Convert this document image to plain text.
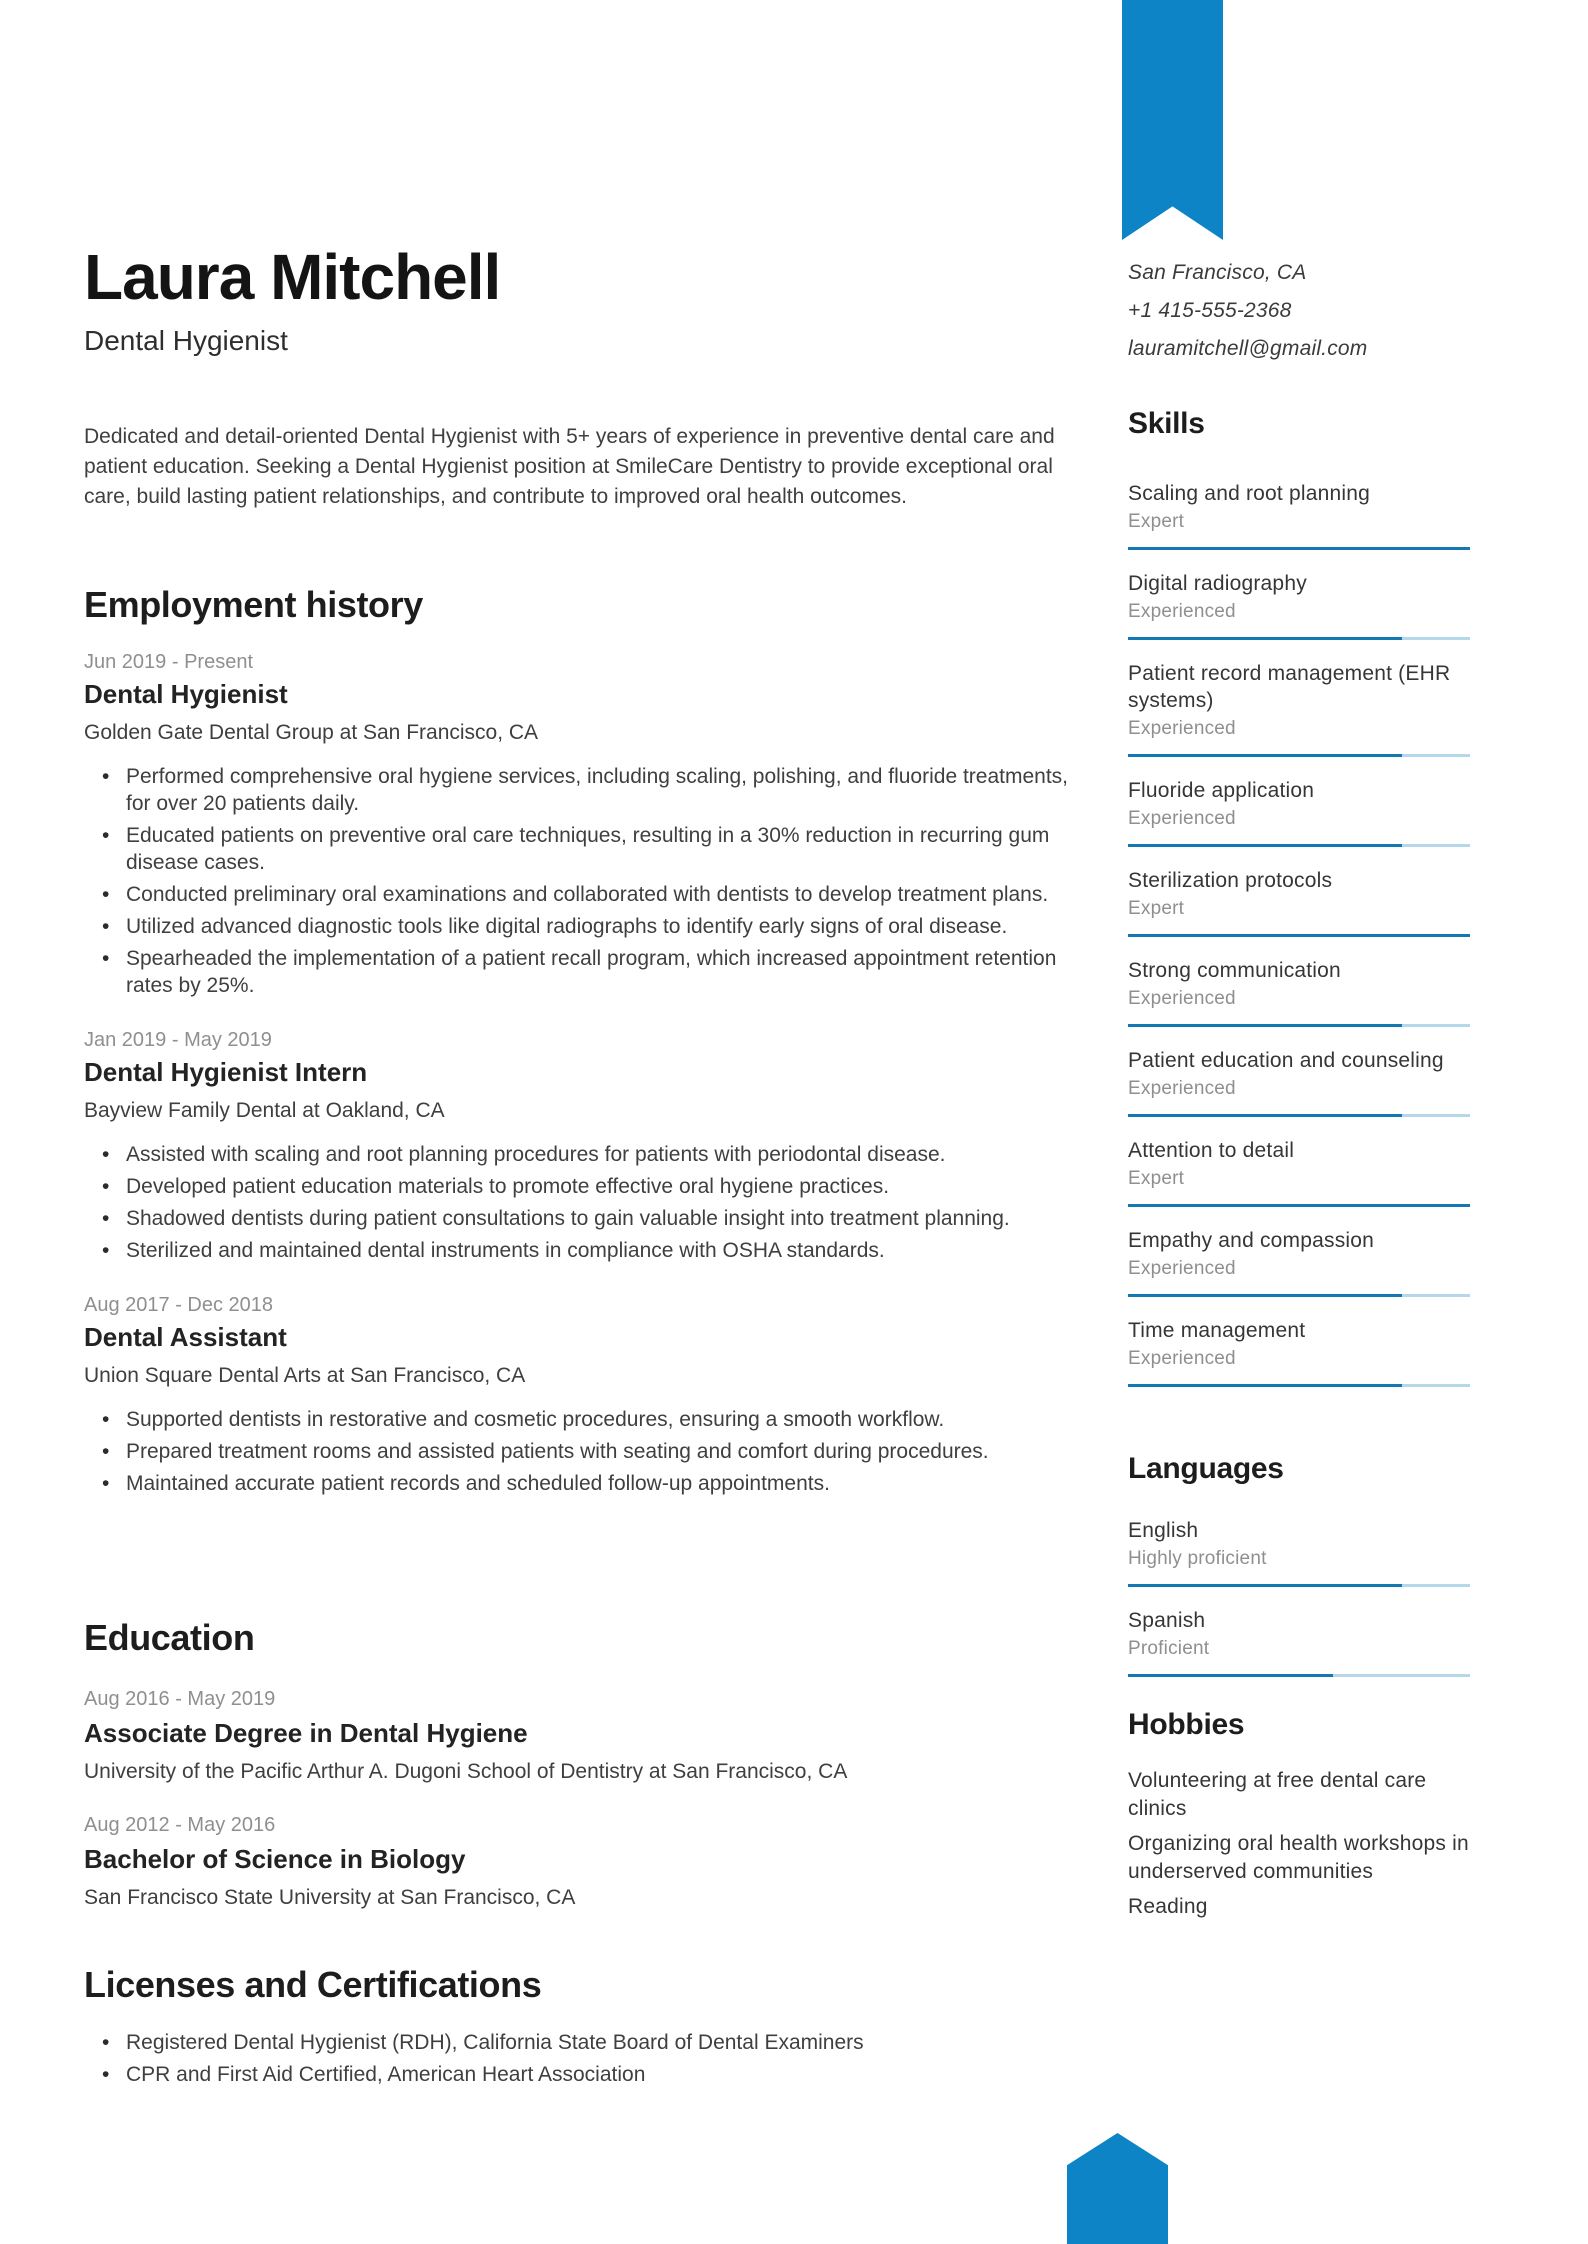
Laura Mitchell
Dental Hygienist

Dedicated and detail-oriented Dental Hygienist with 5+ years of experience in preventive dental care and patient education. Seeking a Dental Hygienist position at SmileCare Dentistry to provide exceptional oral care, build lasting patient relationships, and contribute to improved oral health outcomes.

Employment history
Jun 2019 - Present
Dental Hygienist
Golden Gate Dental Group at San Francisco, CA
• Performed comprehensive oral hygiene services, including scaling, polishing, and fluoride treatments, for over 20 patients daily.
• Educated patients on preventive oral care techniques, resulting in a 30% reduction in recurring gum disease cases.
• Conducted preliminary oral examinations and collaborated with dentists to develop treatment plans.
• Utilized advanced diagnostic tools like digital radiographs to identify early signs of oral disease.
• Spearheaded the implementation of a patient recall program, which increased appointment retention rates by 25%.
Jan 2019 - May 2019
Dental Hygienist Intern
Bayview Family Dental at Oakland, CA
• Assisted with scaling and root planning procedures for patients with periodontal disease.
• Developed patient education materials to promote effective oral hygiene practices.
• Shadowed dentists during patient consultations to gain valuable insight into treatment planning.
• Sterilized and maintained dental instruments in compliance with OSHA standards.
Aug 2017 - Dec 2018
Dental Assistant
Union Square Dental Arts at San Francisco, CA
• Supported dentists in restorative and cosmetic procedures, ensuring a smooth workflow.
• Prepared treatment rooms and assisted patients with seating and comfort during procedures.
• Maintained accurate patient records and scheduled follow-up appointments.
Education
Aug 2016 - May 2019
Associate Degree in Dental Hygiene
University of the Pacific Arthur A. Dugoni School of Dentistry at San Francisco, CA
Aug 2012 - May 2016
Bachelor of Science in Biology
San Francisco State University at San Francisco, CA
Licenses and Certifications
• Registered Dental Hygienist (RDH), California State Board of Dental Examiners
• CPR and First Aid Certified, American Heart Association
San Francisco, CA
+1 415-555-2368
lauramitchell@gmail.com
Skills
Scaling and root planning
Expert
Digital radiography
Experienced
Patient record management (EHR systems)
Experienced
Fluoride application
Experienced
Sterilization protocols
Expert
Strong communication
Experienced
Patient education and counseling
Experienced
Attention to detail
Expert
Empathy and compassion
Experienced
Time management
Experienced
Languages
English
Highly proficient
Spanish
Proficient
Hobbies
Volunteering at free dental care clinics
Organizing oral health workshops in underserved communities
Reading
